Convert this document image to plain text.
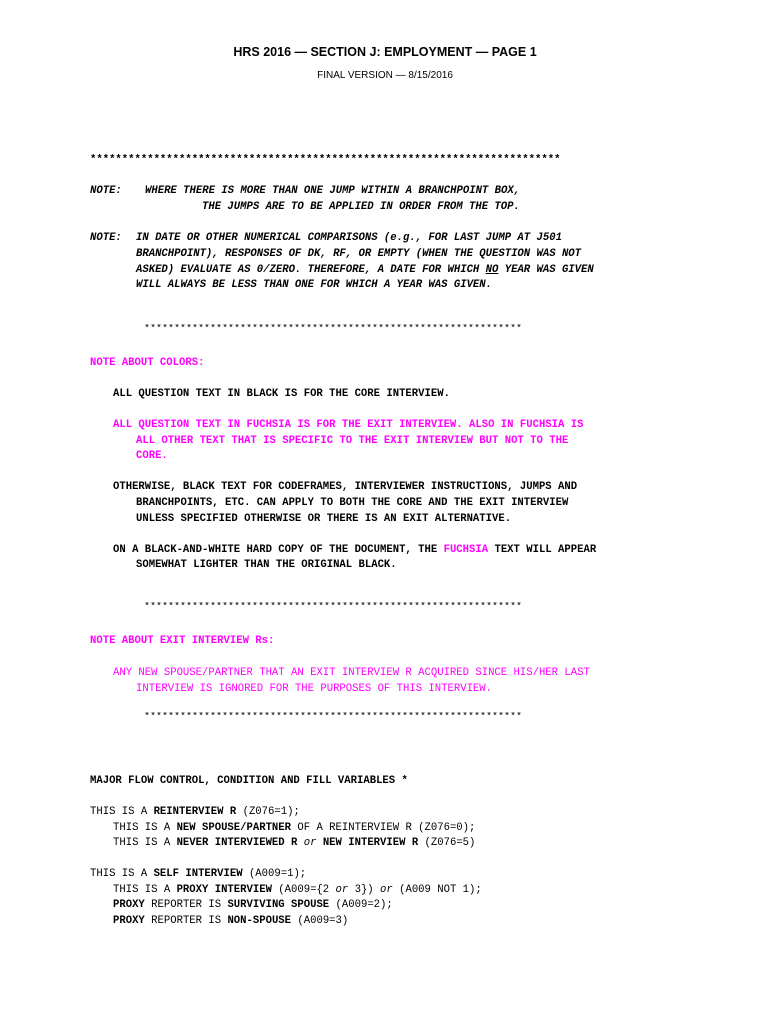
HRS 2016 — SECTION J: EMPLOYMENT — PAGE 1
FINAL VERSION — 8/15/2016
**************************************************************************
NOTE: WHERE THERE IS MORE THAN ONE JUMP WITHIN A BRANCHPOINT BOX,
THE JUMPS ARE TO BE APPLIED IN ORDER FROM THE TOP.
NOTE: IN DATE OR OTHER NUMERICAL COMPARISONS (e.g., FOR LAST JUMP AT J501
BRANCHPOINT), RESPONSES OF DK, RF, OR EMPTY (WHEN THE QUESTION WAS NOT
ASKED) EVALUATE AS 0/ZERO. THEREFORE, A DATE FOR WHICH NO YEAR WAS GIVEN
WILL ALWAYS BE LESS THAN ONE FOR WHICH A YEAR WAS GIVEN.
***************************************************************
NOTE ABOUT COLORS:
ALL QUESTION TEXT IN BLACK IS FOR THE CORE INTERVIEW.
ALL QUESTION TEXT IN FUCHSIA IS FOR THE EXIT INTERVIEW. ALSO IN FUCHSIA IS
ALL OTHER TEXT THAT IS SPECIFIC TO THE EXIT INTERVIEW BUT NOT TO THE
CORE.
OTHERWISE, BLACK TEXT FOR CODEFRAMES, INTERVIEWER INSTRUCTIONS, JUMPS AND
BRANCHPOINTS, ETC. CAN APPLY TO BOTH THE CORE AND THE EXIT INTERVIEW
UNLESS SPECIFIED OTHERWISE OR THERE IS AN EXIT ALTERNATIVE.
ON A BLACK-AND-WHITE HARD COPY OF THE DOCUMENT, THE FUCHSIA TEXT WILL APPEAR
SOMEWHAT LIGHTER THAN THE ORIGINAL BLACK.
***************************************************************
NOTE ABOUT EXIT INTERVIEW Rs:
ANY NEW SPOUSE/PARTNER THAT AN EXIT INTERVIEW R ACQUIRED SINCE HIS/HER LAST
INTERVIEW IS IGNORED FOR THE PURPOSES OF THIS INTERVIEW.
***************************************************************
MAJOR FLOW CONTROL, CONDITION AND FILL VARIABLES *
THIS IS A REINTERVIEW R (Z076=1);
THIS IS A NEW SPOUSE/PARTNER OF A REINTERVIEW R (Z076=0);
THIS IS A NEVER INTERVIEWED R or NEW INTERVIEW R (Z076=5)
THIS IS A SELF INTERVIEW (A009=1);
THIS IS A PROXY INTERVIEW (A009={2 or 3}) or (A009 NOT 1);
PROXY REPORTER IS SURVIVING SPOUSE (A009=2);
PROXY REPORTER IS NON-SPOUSE (A009=3)
